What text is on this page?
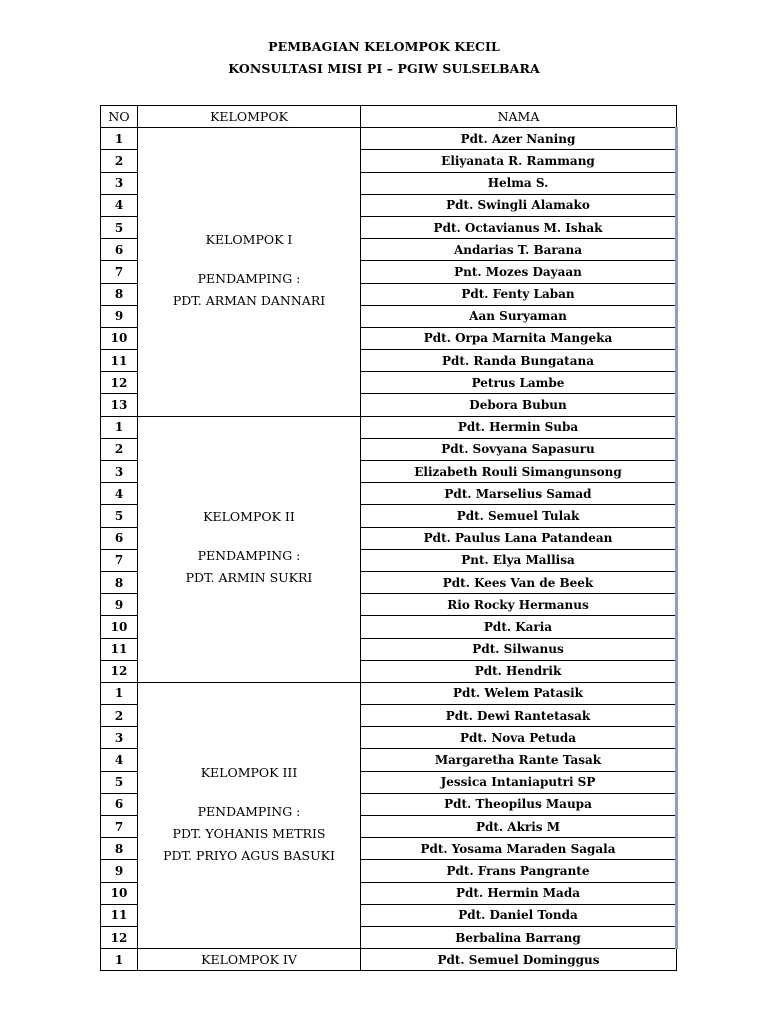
PEMBAGIAN KELOMPOK KECIL
KONSULTASI MISI PI – PGIW SULSELBARA
NO	KELOMPOK	NAMA
1	KELOMPOK I
PENDAMPING :
PDT. ARMAN DANNARI	Pdt. Azer Naning
2		Eliyanata R. Rammang
3		Helma S.
4		Pdt. Swingli Alamako
5		Pdt. Octavianus M. Ishak
6		Andarias T. Barana
7		Pnt. Mozes Dayaan
8		Pdt. Fenty Laban
9		Aan Suryaman
10		Pdt. Orpa Marnita Mangeka
11		Pdt. Randa Bungatana
12		Petrus Lambe
13		Debora Bubun
1	KELOMPOK II
PENDAMPING :
PDT. ARMIN SUKRI	Pdt. Hermin Suba
2		Pdt. Sovyana Sapasuru
3		Elizabeth Rouli Simangunsong
4		Pdt. Marselius Samad
5		Pdt. Semuel Tulak
6		Pdt. Paulus Lana Patandean
7		Pnt. Elya Mallisa
8		Pdt. Kees Van de Beek
9		Rio Rocky Hermanus
10		Pdt. Karia
11		Pdt. Silwanus
12		Pdt. Hendrik
1	KELOMPOK III
PENDAMPING :
PDT. YOHANIS METRIS
PDT. PRIYO AGUS BASUKI	Pdt. Welem Patasik
2		Pdt. Dewi Rantetasak
3		Pdt. Nova Petuda
4		Margaretha Rante Tasak
5		Jessica Intaniaputri SP
6		Pdt. Theopilus Maupa
7		Pdt. Akris M
8		Pdt. Yosama Maraden Sagala
9		Pdt. Frans Pangrante
10		Pdt. Hermin Mada
11		Pdt. Daniel Tonda
12		Berbalina Barrang
1	KELOMPOK IV	Pdt. Semuel Dominggus
